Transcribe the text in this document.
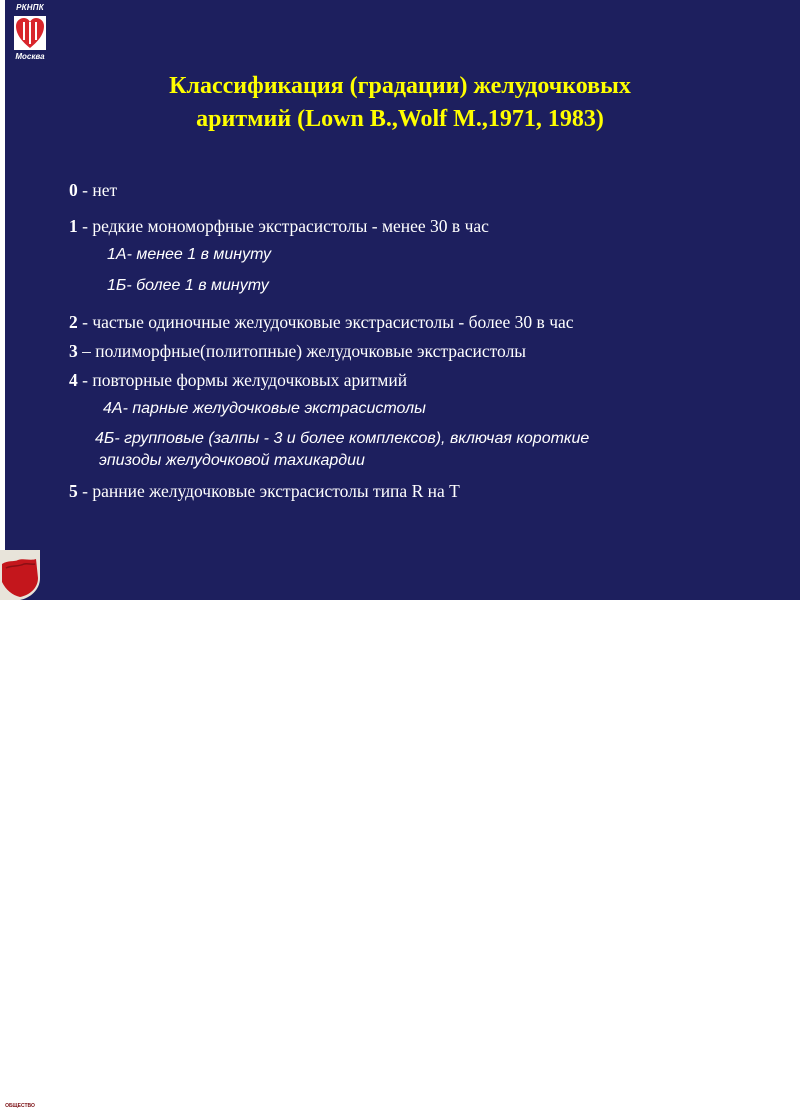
РКНПК
Москва
Классификация (градации) желудочковых
аритмий (Lown B.,Wolf M.,1971, 1983)
0 - нет
1 - редкие мономорфные экстрасистолы - менее 30 в час
1А- менее 1 в минуту
1Б- более 1 в минуту
2 - частые одиночные желудочковые экстрасистолы - более 30 в час
3 – полиморфные(политопные) желудочковые экстрасистолы
4 - повторные формы желудочковых аритмий
4А- парные желудочковые экстрасистолы
4Б- групповые (залпы - 3 и более комплексов), включая короткие
эпизоды желудочковой тахикардии
5 - ранние желудочковые экстрасистолы типа R на T
ОБЩЕСТВО
